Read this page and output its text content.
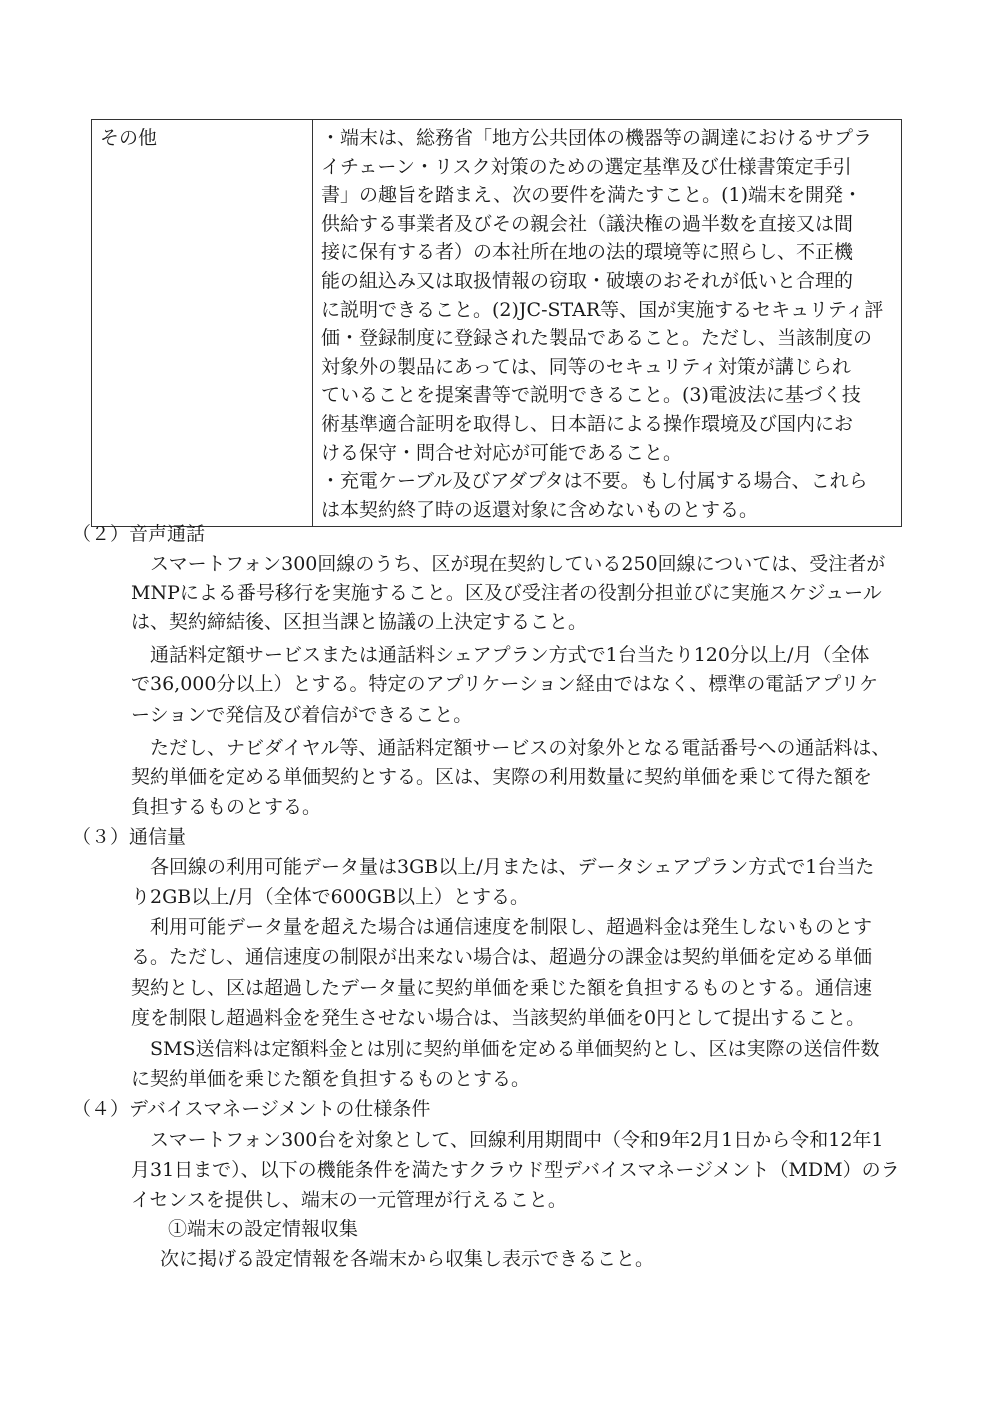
その他	・端末は、総務省「地方公共団体の機器等の調達におけるサプラ
イチェーン・リスク対策のための選定基準及び仕様書策定手引
書」の趣旨を踏まえ、次の要件を満たすこと。(1)端末を開発・
供給する事業者及びその親会社（議決権の過半数を直接又は間
接に保有する者）の本社所在地の法的環境等に照らし、不正機
能の組込み又は取扱情報の窃取・破壊のおそれが低いと合理的
に説明できること。(2)JC-STAR等、国が実施するセキュリティ評
価・登録制度に登録された製品であること。ただし、当該制度の
対象外の製品にあっては、同等のセキュリティ対策が講じられ
ていることを提案書等で説明できること。(3)電波法に基づく技
術基準適合証明を取得し、日本語による操作環境及び国内にお
ける保守・問合せ対応が可能であること。
・充電ケーブル及びアダプタは不要。もし付属する場合、これら
は本契約終了時の返還対象に含めないものとする。
（２）音声通話
スマートフォン300回線のうち、区が現在契約している250回線については、受注者が
MNPによる番号移行を実施すること。区及び受注者の役割分担並びに実施スケジュール
は、契約締結後、区担当課と協議の上決定すること。
通話料定額サービスまたは通話料シェアプラン方式で1台当たり120分以上/月（全体
で36,000分以上）とする。特定のアプリケーション経由ではなく、標準の電話アプリケ
ーションで発信及び着信ができること。
ただし、ナビダイヤル等、通話料定額サービスの対象外となる電話番号への通話料は、
契約単価を定める単価契約とする。区は、実際の利用数量に契約単価を乗じて得た額を
負担するものとする。
（３）通信量
各回線の利用可能データ量は3GB以上/月または、データシェアプラン方式で1台当た
り2GB以上/月（全体で600GB以上）とする。
利用可能データ量を超えた場合は通信速度を制限し、超過料金は発生しないものとす
る。ただし、通信速度の制限が出来ない場合は、超過分の課金は契約単価を定める単価
契約とし、区は超過したデータ量に契約単価を乗じた額を負担するものとする。通信速
度を制限し超過料金を発生させない場合は、当該契約単価を0円として提出すること。
SMS送信料は定額料金とは別に契約単価を定める単価契約とし、区は実際の送信件数
に契約単価を乗じた額を負担するものとする。
（４）デバイスマネージメントの仕様条件
スマートフォン300台を対象として、回線利用期間中（令和9年2月1日から令和12年1
月31日まで）、以下の機能条件を満たすクラウド型デバイスマネージメント（MDM）のラ
イセンスを提供し、端末の一元管理が行えること。
①端末の設定情報収集
次に掲げる設定情報を各端末から収集し表示できること。
